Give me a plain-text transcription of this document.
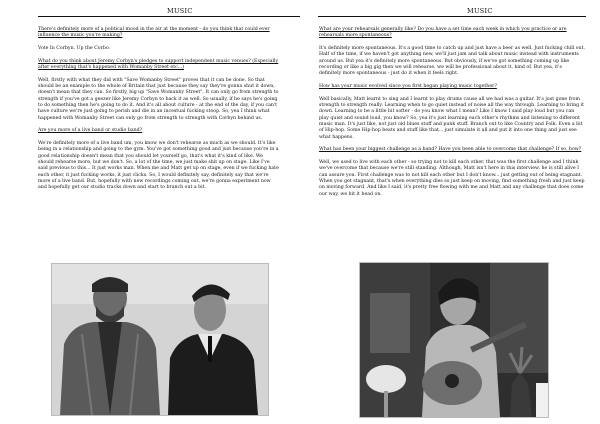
MUSIC

There's definitely more of a political mood in the air at the moment - do you think that could ever influence the music you're making?

Vote In Corbyn. Up the Corbo.

What do you think about Jeremy Corbyn's pledges to support independent music venues? (Especially after everything that's happened with Womanby Street etc...)

Well, firstly with what they did with "Save Womanby Street" proves that it can be done. So that should be an example to the whole of Britain that just because they say they're gonna shut it down, doesn't mean that they can. So firstly, big up "Save Womanby Street". It can only go from strength to strength if you've got a geezer like Jeremy Corbyn to back it as well. So usually, if he says he's going to do something then he's going to do it. And it's all about culture - at the end of the day, if you can't have culture we're just going to perish and die in an incestual fucking stoop. So, yea I think what happened with Womanby Street can only go from strength to strength with Corbyn behind us.

Are you more of a live band or studio band?

We're definitely more of a live band um, you know we don't rehearse as much as we should. It's like being in a relationship and going to the gym. You've got something good and just because you're in a good relationship doesn't mean that you should let yourself go, that's what it's kind of like. We should rehearse more, but we don't. So, a lot of the time, we just make shit up on stage. Like I've said previous to this... It just works man. When me and Matt get up on stage, even if we fucking hate each other, it just fucking works, it just clicks. So, I would definitely say, definitely say that we're more of a live band. But, hopefully with new recordings coming out, we're gonna experiment now and hopefully get our studio tracks down and start to branch out a bit.

MUSIC

What are your rehearsals generally like? Do you have a set time each week in which you practice or are rehearsals more spontaneous?

It's definitely more spontaneous. It's a good time to catch up and just have a beer as well. Just fucking chill out. Half of the time, if we haven't got anything new, we'll just jam and talk about music instead with instruments around us. But yea it's definitely more spontaneous. But obviously, if we've got something coming up like recording or like a big gig then we will rehearse, we will be professional about it, kind of. But yea, it's definitely more spontaneous - just do it when it feels right.

How has your music evolved since you first began playing music together?

Well basically, Matt learnt to sing and I learnt to play drums cause all we had was a guitar. It's just gone from strength to strength really. Learning when to go quiet instead of noise all the way through. Learning to bring it down. Learning to be a little bit softer - do you know what I mean? Like I know I said play loud but you can play quiet and sound loud, you know? So, yea it's just learning each other's rhythms and listening to different music man. It's just like, not just old blues stuff and punk stuff. Branch out to like Country and Folk. Even a bit of Hip-hop. Some Hip-hop beats and stuff like that... just simulate it all and put it into one thing and just see what happens.

What has been your biggest challenge as a band? Have you been able to overcome that challenge? If so, how?

Well, we used to live with each other - so trying not to kill each other, that was the first challenge and I think we've overcome that because we're still standing. Although, Matt isn't here in this interview, he is still alive I can assure you. First challenge was to not kill each other but I don't know... just getting out of being stagnant. When you get stagnant, that's when everything dies so just keep on moving, find something fresh and just keep on moving forward. And like I said, it's pretty free flowing with me and Matt and any challenge that does come our way, we hit it head on.
